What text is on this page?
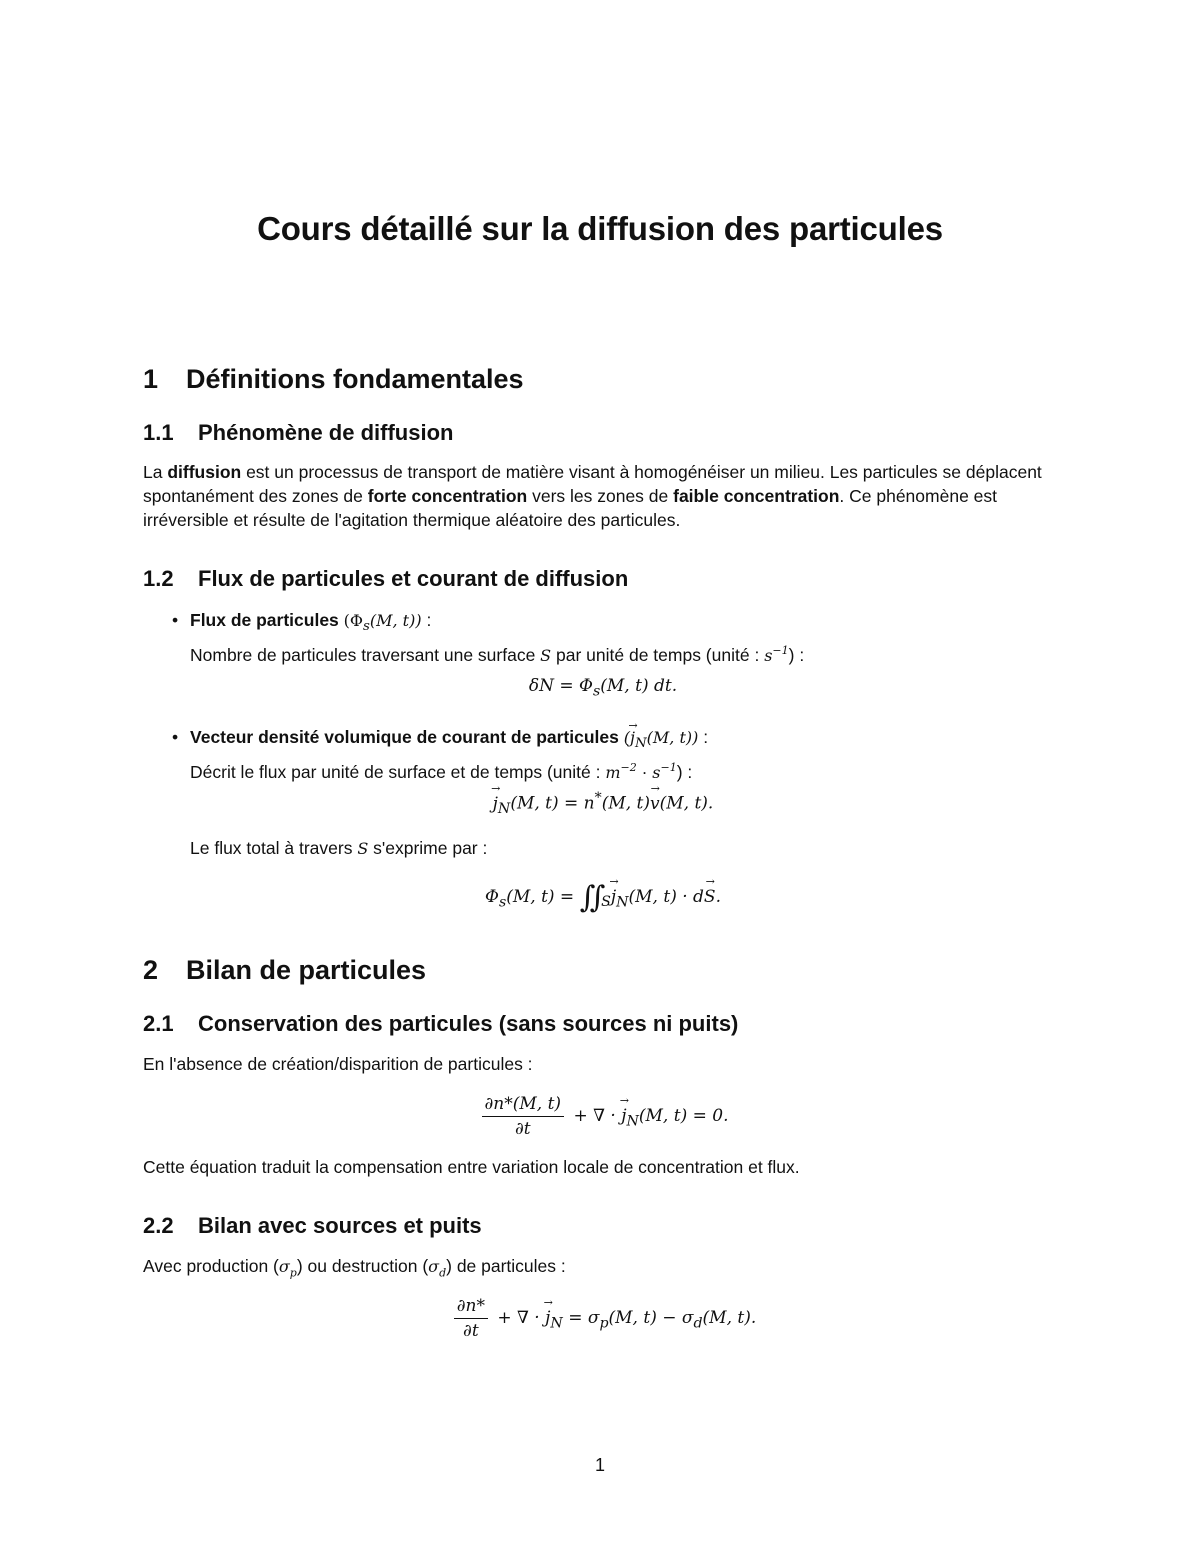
Cours détaillé sur la diffusion des particules
1 Définitions fondamentales
1.1 Phénomène de diffusion

La diffusion est un processus de transport de matière visant à homogénéiser un milieu. Les particules se déplacent spontanément des zones de forte concentration vers les zones de faible concentration. Ce phénomène est irréversible et résulte de l'agitation thermique aléatoire des particules.

1.2 Flux de particules et courant de diffusion
• Flux de particules ($\Phi_s(M$, t)) :
Nombre de particules traversant une surface S par unité de temps (unité : $s^{-1}$) :
$\delta N = \Phi_s(M$, t) dt.
• Vecteur densité volumique de courant de particules (→ $j_N(M$, t)) :
Décrit le flux par unité de surface et de temps (unité : $m^{-2} \cdot s^{-1}$) :
→ $j_N(M$, t) = n*(M, t)→ v(M, t).
Le flux total à travers S s'exprime par :
$\Phi_s(M$, t) = ∬ $_S\to j_N(M$, t) · d→ S.
2 Bilan de particules
2.1 Conservation des particules (sans sources ni puits)

En l'absence de création/disparition de particules :

$\frac{\partial n*(M, t)}{\partial t}$ + ∇ · → $j_N(M$, t) = 0.

Cette équation traduit la compensation entre variation locale de concentration et flux.

2.2 Bilan avec sources et puits

Avec production $(\sigma_p)$ ou destruction $(\sigma_d)$ de particules :

$\frac{\partial n*}{\partial t}$ + ∇ · → $j_N = \sigma_p(M$, $t) - \sigma_d(M$, t).
1
